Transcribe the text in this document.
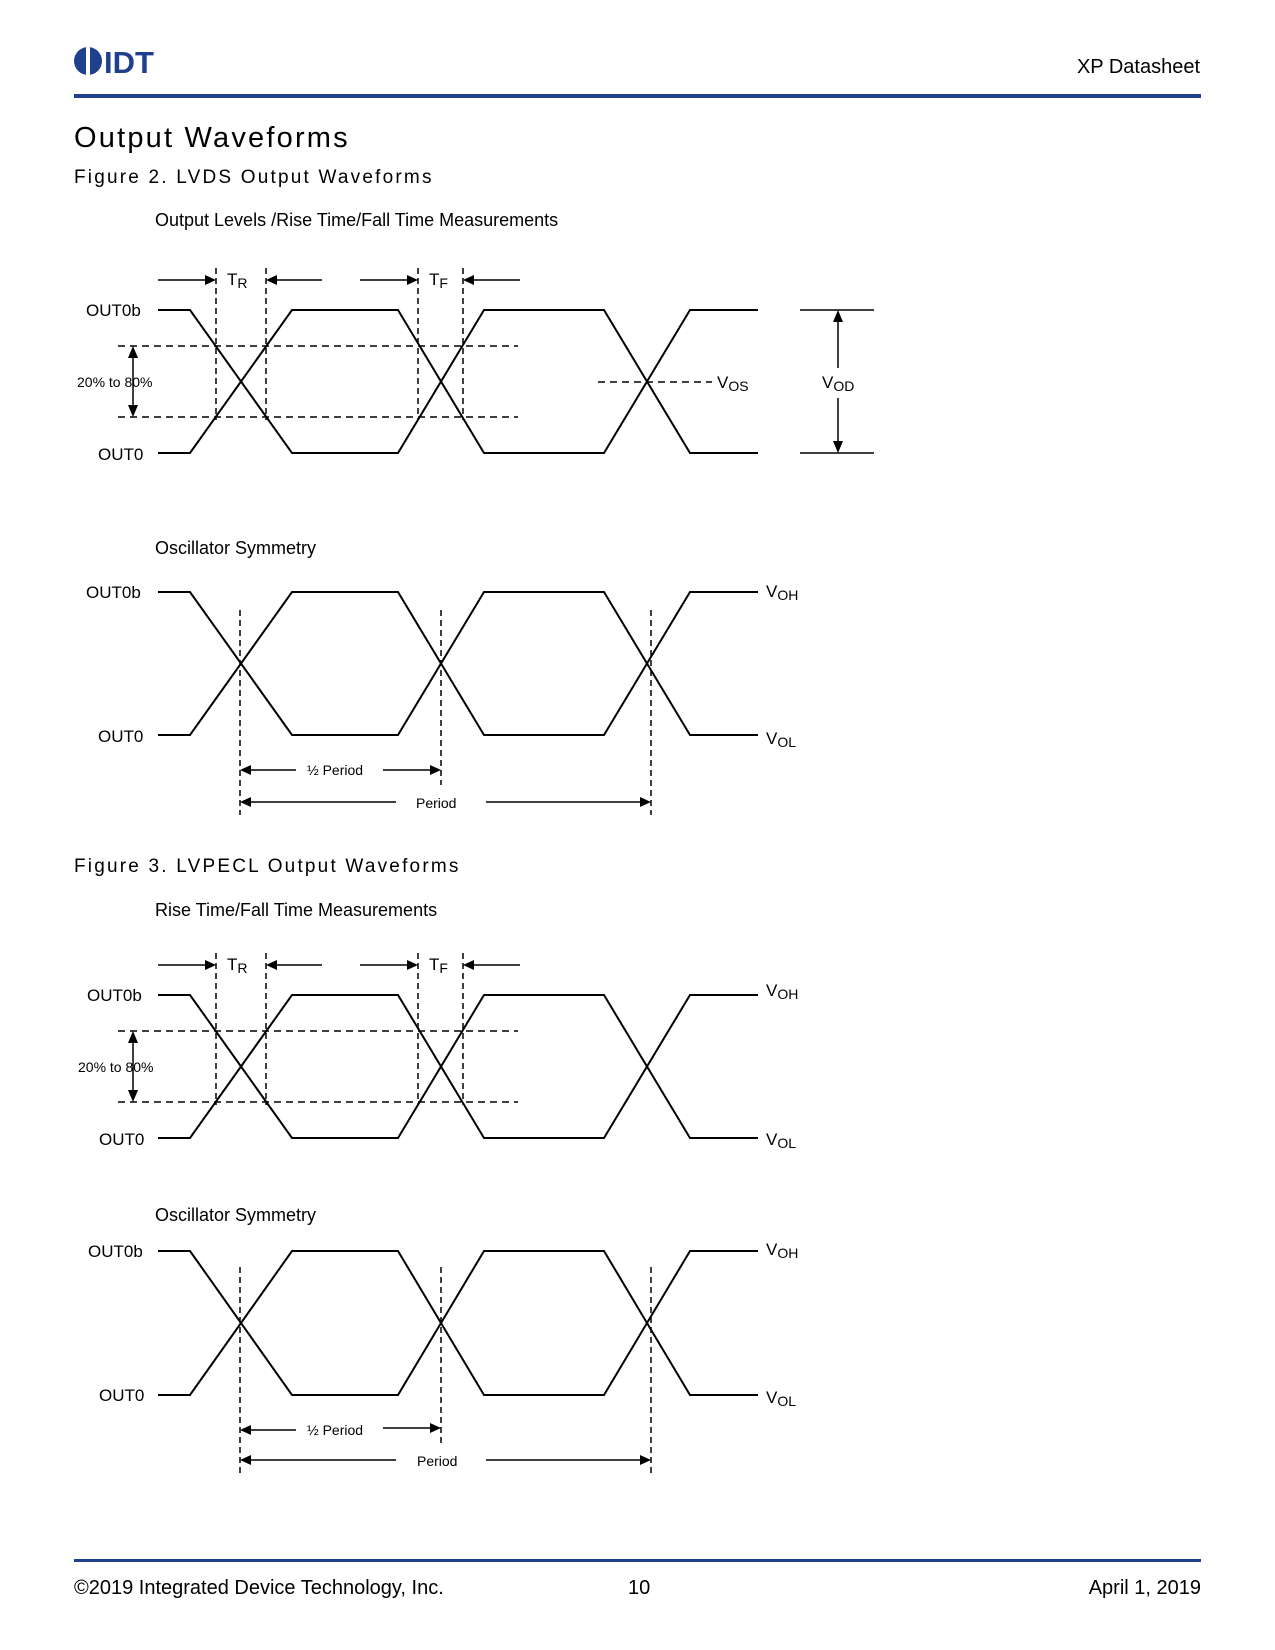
IDT	XP Datasheet
Output Waveforms
Figure 2. LVDS Output Waveforms
Output Levels /Rise Time/Fall Time Measurements
TR	TF
20% to 80%
OUT0b
OUT0
VOS	VOD
Oscillator Symmetry
OUT0b
OUT0
VOH
VOL
½ Period
Period
Figure 3. LVPECL Output Waveforms
Rise Time/Fall Time Measurements
TR	TF
20% to 80%
OUT0b
OUT0
VOH
VOL
Oscillator Symmetry
OUT0b
OUT0
VOH
VOL
½ Period
Period
©2019 Integrated Device Technology, Inc.	10	April 1, 2019
